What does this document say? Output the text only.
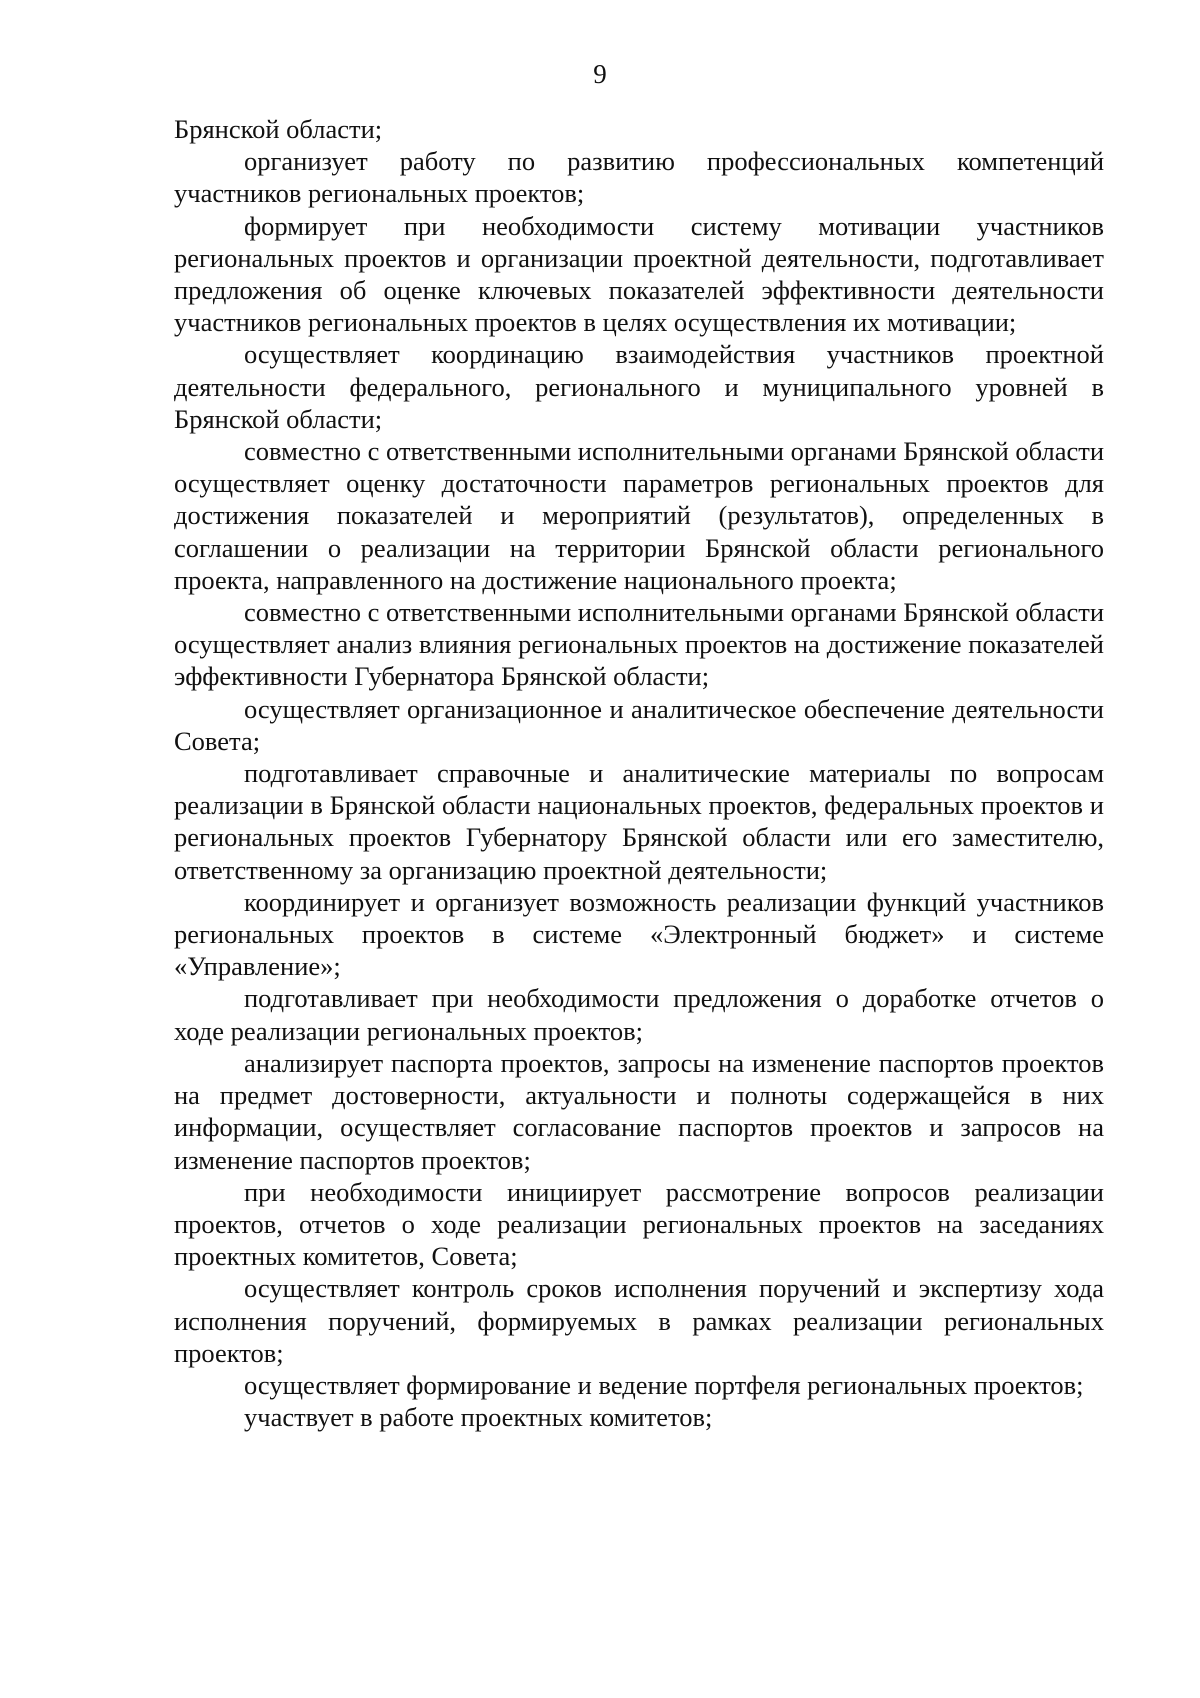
9

Брянской области;

организует работу по развитию профессиональных компетенций участников региональных проектов;

формирует при необходимости систему мотивации участников региональных проектов и организации проектной деятельности, подготавливает предложения об оценке ключевых показателей эффективности деятельности участников региональных проектов в целях осуществления их мотивации;

осуществляет координацию взаимодействия участников проектной деятельности федерального, регионального и муниципального уровней в Брянской области;

совместно с ответственными исполнительными органами Брянской области осуществляет оценку достаточности параметров региональных проектов для достижения показателей и мероприятий (результатов), определенных в соглашении о реализации на территории Брянской области регионального проекта, направленного на достижение национального проекта;

совместно с ответственными исполнительными органами Брянской области осуществляет анализ влияния региональных проектов на достижение показателей эффективности Губернатора Брянской области;

осуществляет организационное и аналитическое обеспечение деятельности Совета;

подготавливает справочные и аналитические материалы по вопросам реализации в Брянской области национальных проектов, федеральных проектов и региональных проектов Губернатору Брянской области или его заместителю, ответственному за организацию проектной деятельности;

координирует и организует возможность реализации функций участников региональных проектов в системе «Электронный бюджет» и системе «Управление»;

подготавливает при необходимости предложения о доработке отчетов о ходе реализации региональных проектов;

анализирует паспорта проектов, запросы на изменение паспортов проектов на предмет достоверности, актуальности и полноты содержащейся в них информации, осуществляет согласование паспортов проектов и запросов на изменение паспортов проектов;

при необходимости инициирует рассмотрение вопросов реализации проектов, отчетов о ходе реализации региональных проектов на заседаниях проектных комитетов, Совета;

осуществляет контроль сроков исполнения поручений и экспертизу хода исполнения поручений, формируемых в рамках реализации региональных проектов;

осуществляет формирование и ведение портфеля региональных проектов;

участвует в работе проектных комитетов;
